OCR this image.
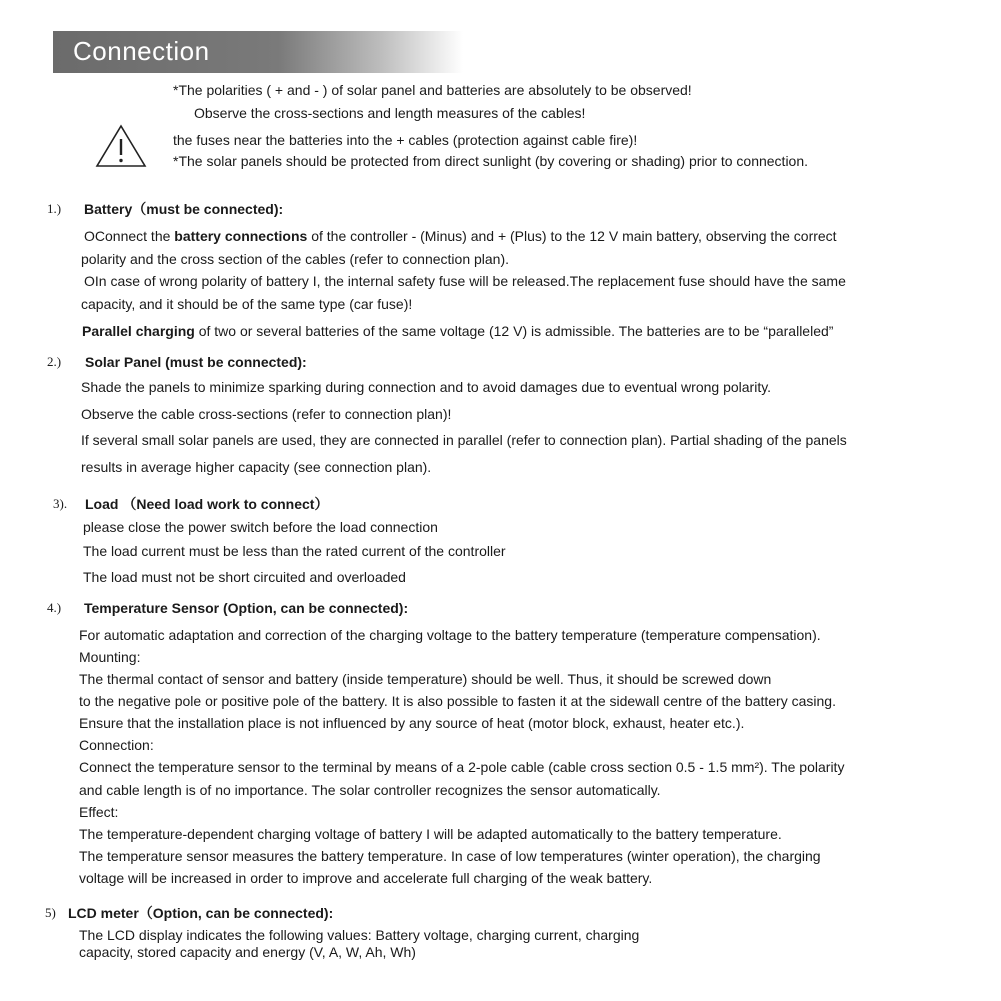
Connection
*The polarities ( + and - ) of solar panel and batteries are absolutely to be observed!
Observe the cross-sections and length measures of the cables!
the fuses near the batteries into the + cables (protection against cable fire)!
*The solar panels should be protected from direct sunlight (by covering or shading) prior to connection.
1.) Battery（must be connected):
OConnect the battery connections of the controller - (Minus) and + (Plus) to the 12 V main battery, observing the correct
polarity and the cross section of the cables (refer to connection plan).
OIn case of wrong polarity of battery I, the internal safety fuse will be released.The replacement fuse should have the same
capacity, and it should be of the same type (car fuse)!
Parallel charging of two or several batteries of the same voltage (12 V) is admissible. The batteries are to be “paralleled”
2.) Solar Panel (must be connected):
Shade the panels to minimize sparking during connection and to avoid damages due to eventual wrong polarity.
Observe the cable cross-sections (refer to connection plan)!
If several small solar panels are used, they are connected in parallel (refer to connection plan). Partial shading of the panels
results in average higher capacity (see connection plan).
3). Load （Need load work to connect）
please close the power switch before the load connection
The load current must be less than the rated current of the controller
The load must not be short circuited and overloaded
4.) Temperature Sensor (Option, can be connected):
For automatic adaptation and correction of the charging voltage to the battery temperature (temperature compensation).
Mounting:
The thermal contact of sensor and battery (inside temperature) should be well. Thus, it should be screwed down
to the negative pole or positive pole of the battery. It is also possible to fasten it at the sidewall centre of the battery casing.
Ensure that the installation place is not influenced by any source of heat (motor block, exhaust, heater etc.).
Connection:
Connect the temperature sensor to the terminal by means of a 2-pole cable (cable cross section 0.5 - 1.5 mm²). The polarity
and cable length is of no importance. The solar controller recognizes the sensor automatically.
Effect:
The temperature-dependent charging voltage of battery I will be adapted automatically to the battery temperature.
The temperature sensor measures the battery temperature. In case of low temperatures (winter operation), the charging
voltage will be increased in order to improve and accelerate full charging of the weak battery.
5) LCD meter（Option, can be connected):
The LCD display indicates the following values: Battery voltage, charging current, charging
capacity, stored capacity and energy (V, A, W, Ah, Wh)
